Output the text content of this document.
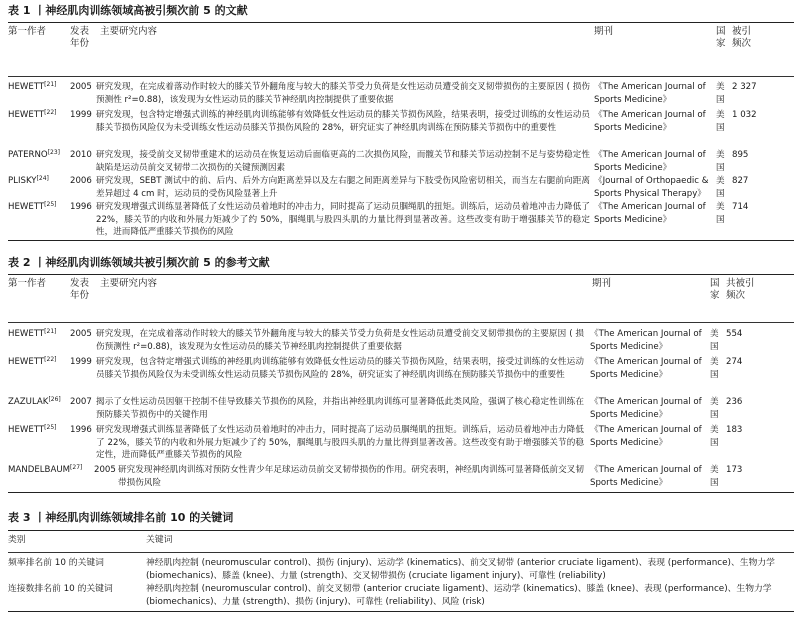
表 1 丨神经肌肉训练领域高被引频次前 5 的文献
第一作者	发表
年份
主要研究内容	期刊	国
家
被引
频次
HEWETT[21]	2005 研究发现，在完成着落动作时较大的膝关节外翻角度与较大的膝关节受力负荷是女性运动员遭受前交叉韧带损伤的主要原因 ( 损伤预测性 r²=0.88)，该发现为女性运动员的膝关节神经肌肉控制提供了重要依据
《The American Journal of Sports Medicine》
美
国
2 327
HEWETT[22]	1999 研究发现，包含特定增强式训练的神经肌肉训练能够有效降低女性运动员的膝关节损伤风险，结果表明，接受过训练的女性运动员膝关节损伤风险仅为未受训练女性运动员膝关节损伤风险的 28%，研究证实了神经肌肉训练在预防膝关节损伤中的重要性
《The American Journal of Sports Medicine》
美
国
1 032
PATERNO[23]	2010 研究发现，接受前交叉韧带重建术的运动员在恢复运动后面临更高的二次损伤风险，而髋关节和膝关节运动控制不足与姿势稳定性缺陷是运动员前交叉韧带二次损伤的关键预测因素
《The American Journal of Sports Medicine》
美
国
895
PLISKY[24]	2006 研究发现，SEBT 测试中的前、后内、后外方向距离差异以及左右腿之间距离差异与下肢受伤风险密切相关，而当左右腿前向距离差异超过 4 cm 时，运动员的受伤风险显著上升
《Journal of Orthopaedic & Sports Physical Therapy》
美
国
827
HEWETT[25]	1996 研究发现增强式训练显著降低了女性运动员着地时的冲击力，同时提高了运动员腘绳肌的扭矩。训练后，运动员着地冲击力降低了 22%，膝关节的内收和外展力矩减少了约 50%，腘绳肌与股四头肌的力量比得到显著改善。这些改变有助于增强膝关节的稳定性，进而降低严重膝关节损伤的风险
《The American Journal of Sports Medicine》
美
国
714
表 2 丨神经肌肉训练领域共被引频次前 5 的参考文献
第一作者	发表
年份
主要研究内容	期刊	国
家
共被引
频次
HEWETT[21]	2005 研究发现，在完成着落动作时较大的膝关节外翻角度与较大的膝关节受力负荷是女性运动员遭受前交叉韧带损伤的主要原因 ( 损伤预测性 r²=0.88)，该发现为女性运动员的膝关节神经肌肉控制提供了重要依据
《The American Journal of Sports Medicine》
美
国
554
HEWETT[22]	1999 研究发现，包含特定增强式训练的神经肌肉训练能够有效降低女性运动员的膝关节损伤风险，结果表明，接受过训练的女性运动员膝关节损伤风险仅为未受训练女性运动员膝关节损伤风险的 28%，研究证实了神经肌肉训练在预防膝关节损伤中的重要性
《The American Journal of Sports Medicine》
美
国
274
ZAZULAK[26]	2007 揭示了女性运动员因躯干控制不佳导致膝关节损伤的风险，并指出神经肌肉训练可显著降低此类风险，强调了核心稳定性训练在预防膝关节损伤中的关键作用
《The American Journal of Sports Medicine》
美
国
236
HEWETT[25]	1996 研究发现增强式训练显著降低了女性运动员着地时的冲击力，同时提高了运动员腘绳肌的扭矩。训练后，运动员着地冲击力降低了 22%，膝关节的内收和外展力矩减少了约 50%，腘绳肌与股四头肌的力量比得到显著改善。这些改变有助于增强膝关节的稳定性，进而降低严重膝关节损伤的风险
《The American Journal of Sports Medicine》
美
国
183
MANDELBAUM[27]	2005 研究发现神经肌肉训练对预防女性青少年足球运动员前交叉韧带损伤的作用。研究表明，神经肌肉训练可显著降低前交叉韧带损伤风险
《The American Journal of Sports Medicine》
美
国
173
表 3 丨神经肌肉训练领域排名前 10 的关键词
类别	关键词
频率排名前 10 的关键词	神经肌肉控制 (neuromuscular control)、损伤 (injury)、运动学 (kinematics)、前交叉韧带 (anterior cruciate ligament)、表现 (performance)、生物力学 (biomechanics)、膝盖 (knee)、力量 (strength)、交叉韧带损伤 (cruciate ligament injury)、可靠性 (reliability)
连接数排名前 10 的关键词	神经肌肉控制 (neuromuscular control)、前交叉韧带 (anterior cruciate ligament)、运动学 (kinematics)、膝盖 (knee)、表现 (performance)、生物力学 (biomechanics)、力量 (strength)、损伤 (injury)、可靠性 (reliability)、风险 (risk)
